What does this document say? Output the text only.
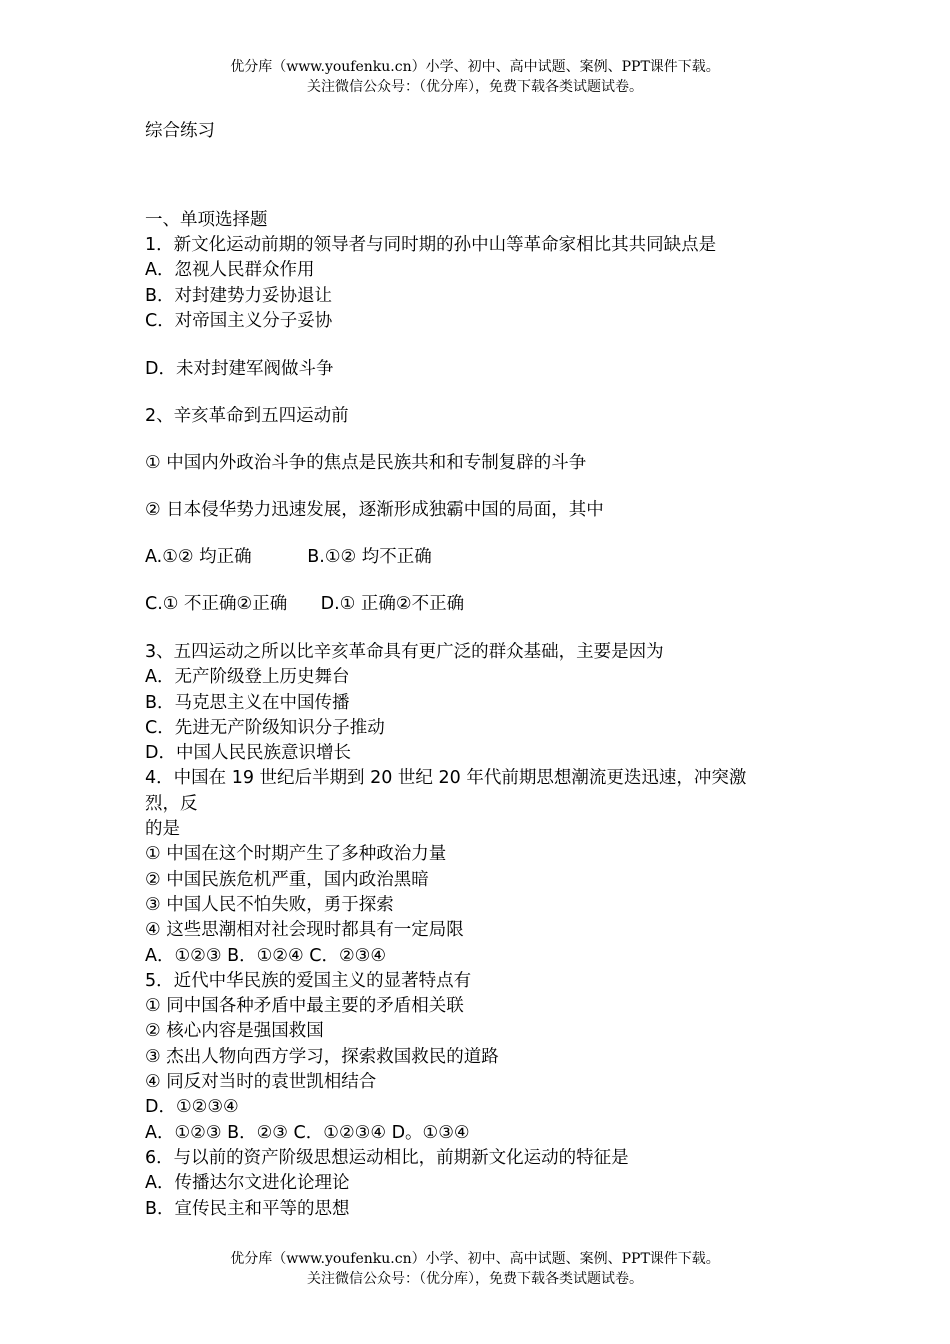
优分库（www.youfenku.cn）小学、初中、高中试题、案例、PPT课件下载。
关注微信公众号：（优分库），免费下载各类试题试卷。
综合练习
一、单项选择题
1．新文化运动前期的领导者与同时期的孙中山等革命家相比其共同缺点是
A．忽视人民群众作用
B．对封建势力妥协退让
C．对帝国主义分子妥协
D．未对封建军阀做斗争
2、辛亥革命到五四运动前
① 中国内外政治斗争的焦点是民族共和和专制复辟的斗争
② 日本侵华势力迅速发展，逐渐形成独霸中国的局面，其中
A.①② 均正确          B.①② 均不正确
C.① 不正确②正确      D.① 正确②不正确
3、五四运动之所以比辛亥革命具有更广泛的群众基础，主要是因为
A．无产阶级登上历史舞台
B．马克思主义在中国传播
C．先进无产阶级知识分子推动
D．中国人民民族意识增长
4．中国在 19 世纪后半期到 20 世纪 20 年代前期思想潮流更迭迅速，冲突激
烈，反
的是
① 中国在这个时期产生了多种政治力量
② 中国民族危机严重，国内政治黑暗
③ 中国人民不怕失败，勇于探索
④ 这些思潮相对社会现时都具有一定局限
A．①②③ B．①②④ C．②③④
5．近代中华民族的爱国主义的显著特点有
① 同中国各种矛盾中最主要的矛盾相关联
② 核心内容是强国救国
③ 杰出人物向西方学习，探索救国救民的道路
④ 同反对当时的袁世凯相结合
D．①②③④
A．①②③ B．②③ C．①②③④ D。①③④
6．与以前的资产阶级思想运动相比，前期新文化运动的特征是
A．传播达尔文进化论理论
B．宣传民主和平等的思想
优分库（www.youfenku.cn）小学、初中、高中试题、案例、PPT课件下载。
关注微信公众号：（优分库），免费下载各类试题试卷。
